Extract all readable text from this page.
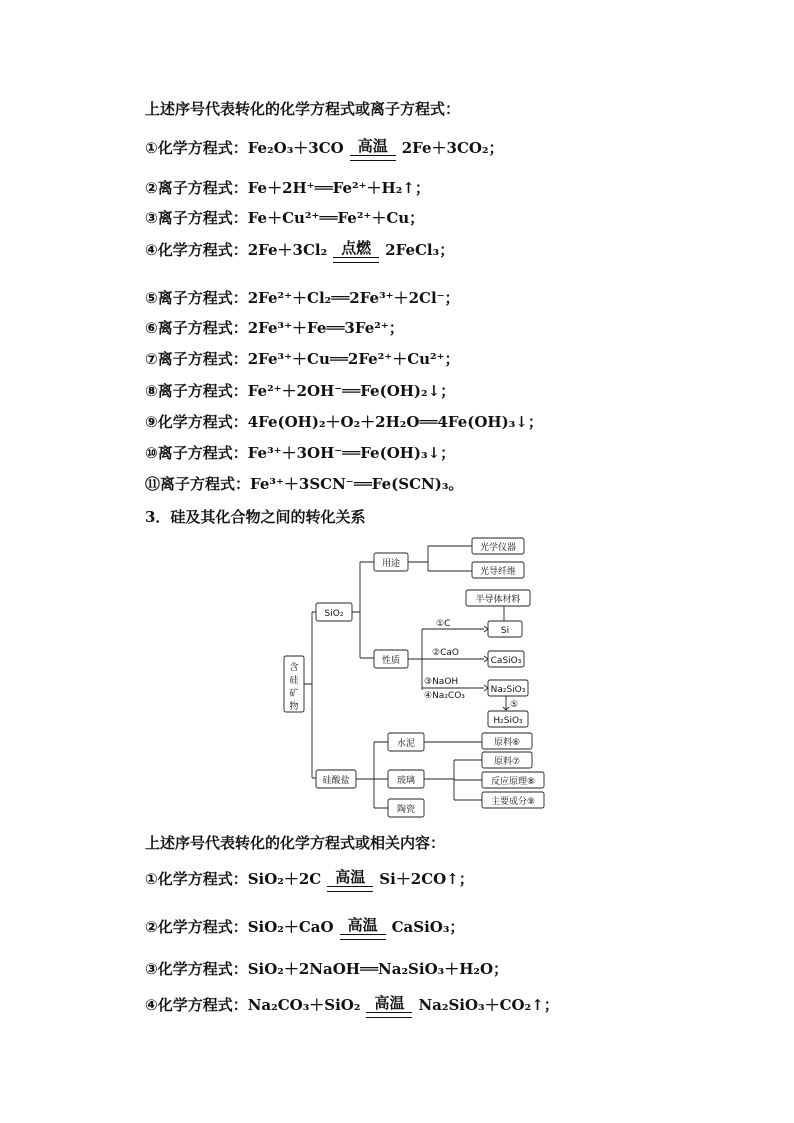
上述序号代表转化的化学方程式或离子方程式：
①化学方程式：Fe₂O₃＋3CO 高温 2Fe＋3CO₂；
②离子方程式：Fe＋2H⁺══Fe²⁺＋H₂↑；
③离子方程式：Fe＋Cu²⁺══Fe²⁺＋Cu；
④化学方程式：2Fe＋3Cl₂ 点燃 2FeCl₃；
⑤离子方程式：2Fe²⁺＋Cl₂══2Fe³⁺＋2Cl⁻；
⑥离子方程式：2Fe³⁺＋Fe══3Fe²⁺；
⑦离子方程式：2Fe³⁺＋Cu══2Fe²⁺＋Cu²⁺；
⑧离子方程式：Fe²⁺＋2OH⁻══Fe(OH)₂↓；
⑨化学方程式：4Fe(OH)₂＋O₂＋2H₂O══4Fe(OH)₃↓；
⑩离子方程式：Fe³⁺＋3OH⁻══Fe(OH)₃↓；
⑪离子方程式：Fe³⁺＋3SCN⁻══Fe(SCN)₃。
3．硅及其化合物之间的转化关系
含
硅
矿
物
SiO₂
用途
光学仪器
光导纤维
性质
①C
②CaO
③NaOH
④Na₂CO₃
半导体材料
Si
CaSiO₃
Na₂SiO₃
⑤
H₂SiO₃
硅酸盐
水泥
玻璃
陶瓷
原料⑥
原料⑦
反应原理⑧
主要成分⑨
上述序号代表转化的化学方程式或相关内容：
①化学方程式：SiO₂＋2C 高温 Si＋2CO↑；
②化学方程式：SiO₂＋CaO 高温 CaSiO₃；
③化学方程式：SiO₂＋2NaOH══Na₂SiO₃＋H₂O；
④化学方程式：Na₂CO₃＋SiO₂ 高温 Na₂SiO₃＋CO₂↑；
